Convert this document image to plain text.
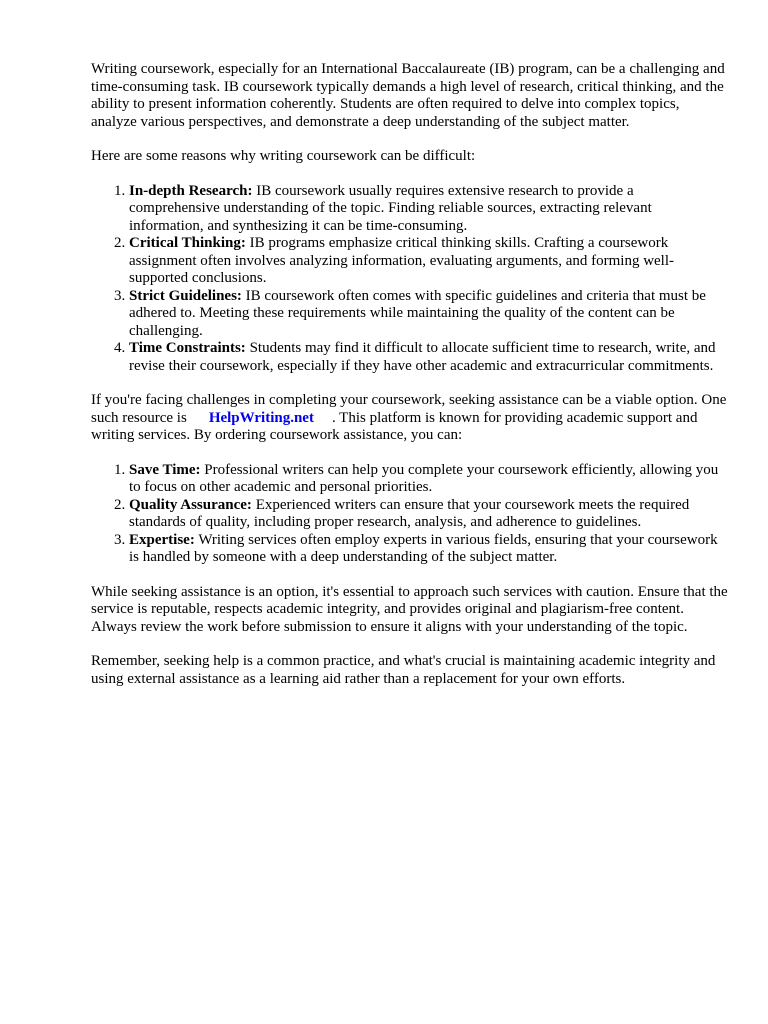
Writing coursework, especially for an International Baccalaureate (IB) program, can be a challenging and time-consuming task. IB coursework typically demands a high level of research, critical thinking, and the ability to present information coherently. Students are often required to delve into complex topics, analyze various perspectives, and demonstrate a deep understanding of the subject matter.

Here are some reasons why writing coursework can be difficult:

1. In-depth Research: IB coursework usually requires extensive research to provide a comprehensive understanding of the topic. Finding reliable sources, extracting relevant information, and synthesizing it can be time-consuming.
2. Critical Thinking: IB programs emphasize critical thinking skills. Crafting a coursework assignment often involves analyzing information, evaluating arguments, and forming well-supported conclusions.
3. Strict Guidelines: IB coursework often comes with specific guidelines and criteria that must be adhered to. Meeting these requirements while maintaining the quality of the content can be challenging.
4. Time Constraints: Students may find it difficult to allocate sufficient time to research, write, and revise their coursework, especially if they have other academic and extracurricular commitments.

If you're facing challenges in completing your coursework, seeking assistance can be a viable option. One such resource is HelpWriting.net . This platform is known for providing academic support and writing services. By ordering coursework assistance, you can:

1. Save Time: Professional writers can help you complete your coursework efficiently, allowing you to focus on other academic and personal priorities.
2. Quality Assurance: Experienced writers can ensure that your coursework meets the required standards of quality, including proper research, analysis, and adherence to guidelines.
3. Expertise: Writing services often employ experts in various fields, ensuring that your coursework is handled by someone with a deep understanding of the subject matter.

While seeking assistance is an option, it's essential to approach such services with caution. Ensure that the service is reputable, respects academic integrity, and provides original and plagiarism-free content. Always review the work before submission to ensure it aligns with your understanding of the topic.

Remember, seeking help is a common practice, and what's crucial is maintaining academic integrity and using external assistance as a learning aid rather than a replacement for your own efforts.
